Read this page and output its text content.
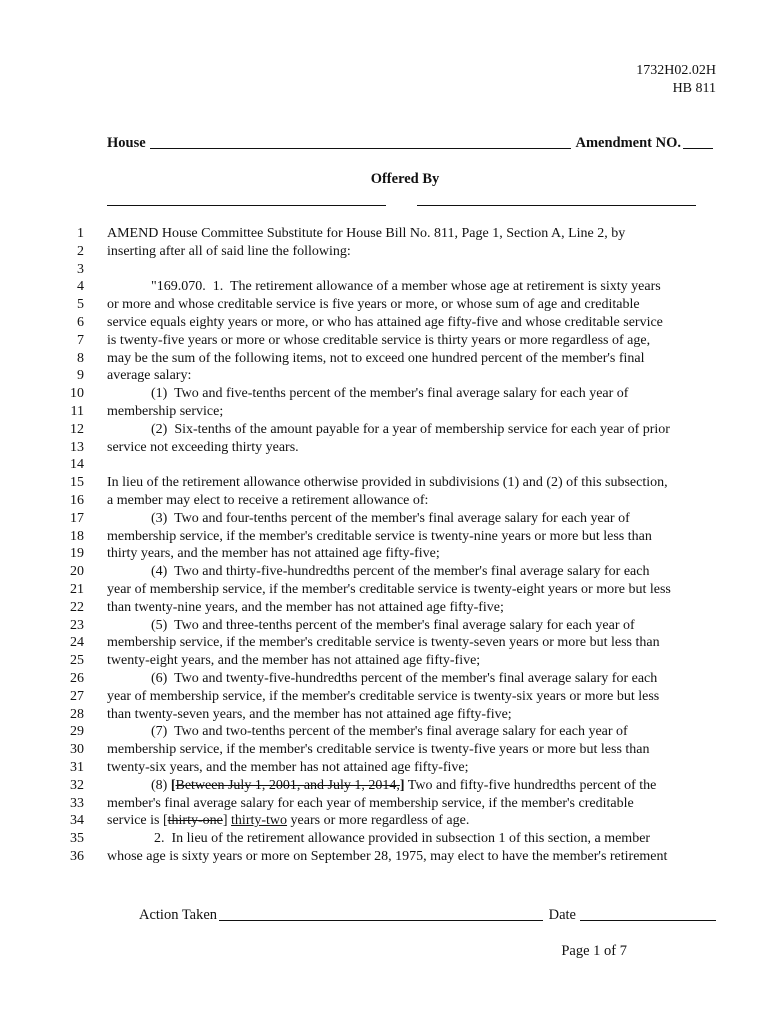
1732H02.02H
HB 811
House	Amendment NO.
Offered By
1 AMEND House Committee Substitute for House Bill No. 811, Page 1, Section A, Line 2, by
2 inserting after all of said line the following:
3
4	"169.070.  1.  The retirement allowance of a member whose age at retirement is sixty years
5 or more and whose creditable service is five years or more, or whose sum of age and creditable
6 service equals eighty years or more, or who has attained age fifty-five and whose creditable service
7 is twenty-five years or more or whose creditable service is thirty years or more regardless of age,
8 may be the sum of the following items, not to exceed one hundred percent of the member's final
9 average salary:
10	(1)  Two and five-tenths percent of the member's final average salary for each year of
11 membership service;
12	(2)  Six-tenths of the amount payable for a year of membership service for each year of prior
13 service not exceeding thirty years.
14
15 In lieu of the retirement allowance otherwise provided in subdivisions (1) and (2) of this subsection,
16 a member may elect to receive a retirement allowance of:
17	(3)  Two and four-tenths percent of the member's final average salary for each year of
18 membership service, if the member's creditable service is twenty-nine years or more but less than
19 thirty years, and the member has not attained age fifty-five;
20	(4)  Two and thirty-five-hundredths percent of the member's final average salary for each
21 year of membership service, if the member's creditable service is twenty-eight years or more but less
22 than twenty-nine years, and the member has not attained age fifty-five;
23	(5)  Two and three-tenths percent of the member's final average salary for each year of
24 membership service, if the member's creditable service is twenty-seven years or more but less than
25 twenty-eight years, and the member has not attained age fifty-five;
26	(6)  Two and twenty-five-hundredths percent of the member's final average salary for each
27 year of membership service, if the member's creditable service is twenty-six years or more but less
28 than twenty-seven years, and the member has not attained age fifty-five;
29	(7)  Two and two-tenths percent of the member's final average salary for each year of
30 membership service, if the member's creditable service is twenty-five years or more but less than
31 twenty-six years, and the member has not attained age fifty-five;
32	(8) [Between July 1, 2001, and July 1, 2014,] Two and fifty-five hundredths percent of the
33 member's final average salary for each year of membership service, if the member's creditable
34 service is [thirty-one] thirty-two years or more regardless of age.
35	2.  In lieu of the retirement allowance provided in subsection 1 of this section, a member
36 whose age is sixty years or more on September 28, 1975, may elect to have the member's retirement
Action Taken	Date
Page 1 of 7
